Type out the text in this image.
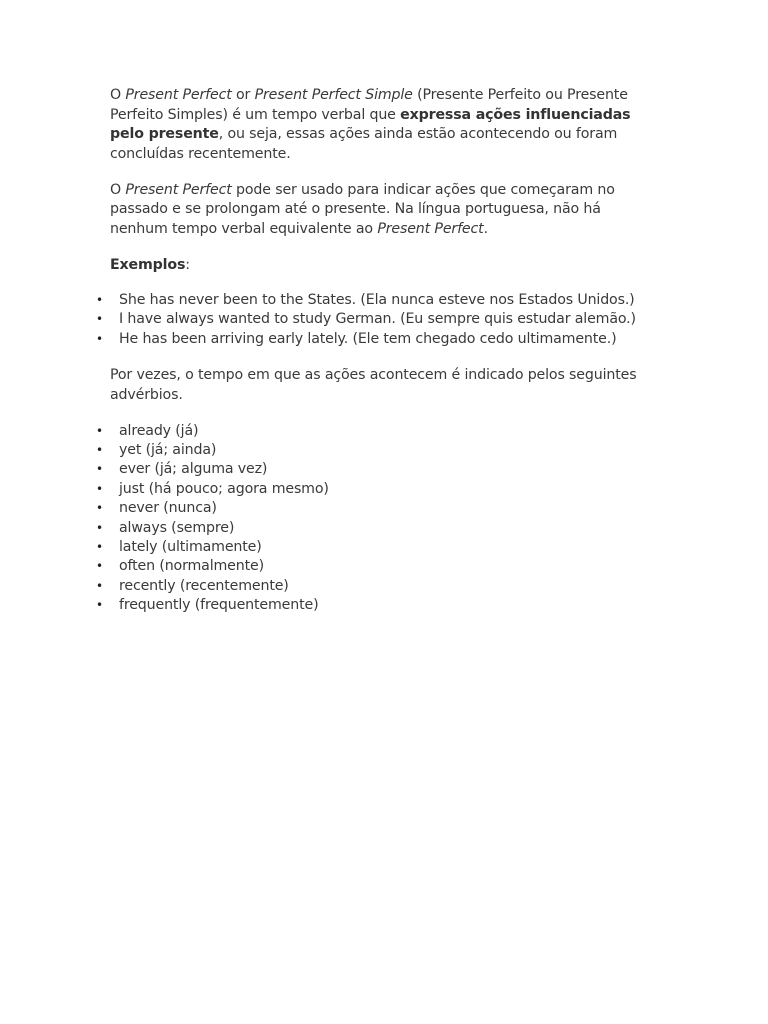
O Present Perfect or Present Perfect Simple (Presente Perfeito ou Presente Perfeito Simples) é um tempo verbal que expressa ações influenciadas pelo presente, ou seja, essas ações ainda estão acontecendo ou foram concluídas recentemente.

O Present Perfect pode ser usado para indicar ações que começaram no passado e se prolongam até o presente. Na língua portuguesa, não há nenhum tempo verbal equivalente ao Present Perfect.

Exemplos:

• She has never been to the States. (Ela nunca esteve nos Estados Unidos.)
• I have always wanted to study German. (Eu sempre quis estudar alemão.)
• He has been arriving early lately. (Ele tem chegado cedo ultimamente.)

Por vezes, o tempo em que as ações acontecem é indicado pelos seguintes advérbios.

• already (já)
• yet (já; ainda)
• ever (já; alguma vez)
• just (há pouco; agora mesmo)
• never (nunca)
• always (sempre)
• lately (ultimamente)
• often (normalmente)
• recently (recentemente)
• frequently (frequentemente)
